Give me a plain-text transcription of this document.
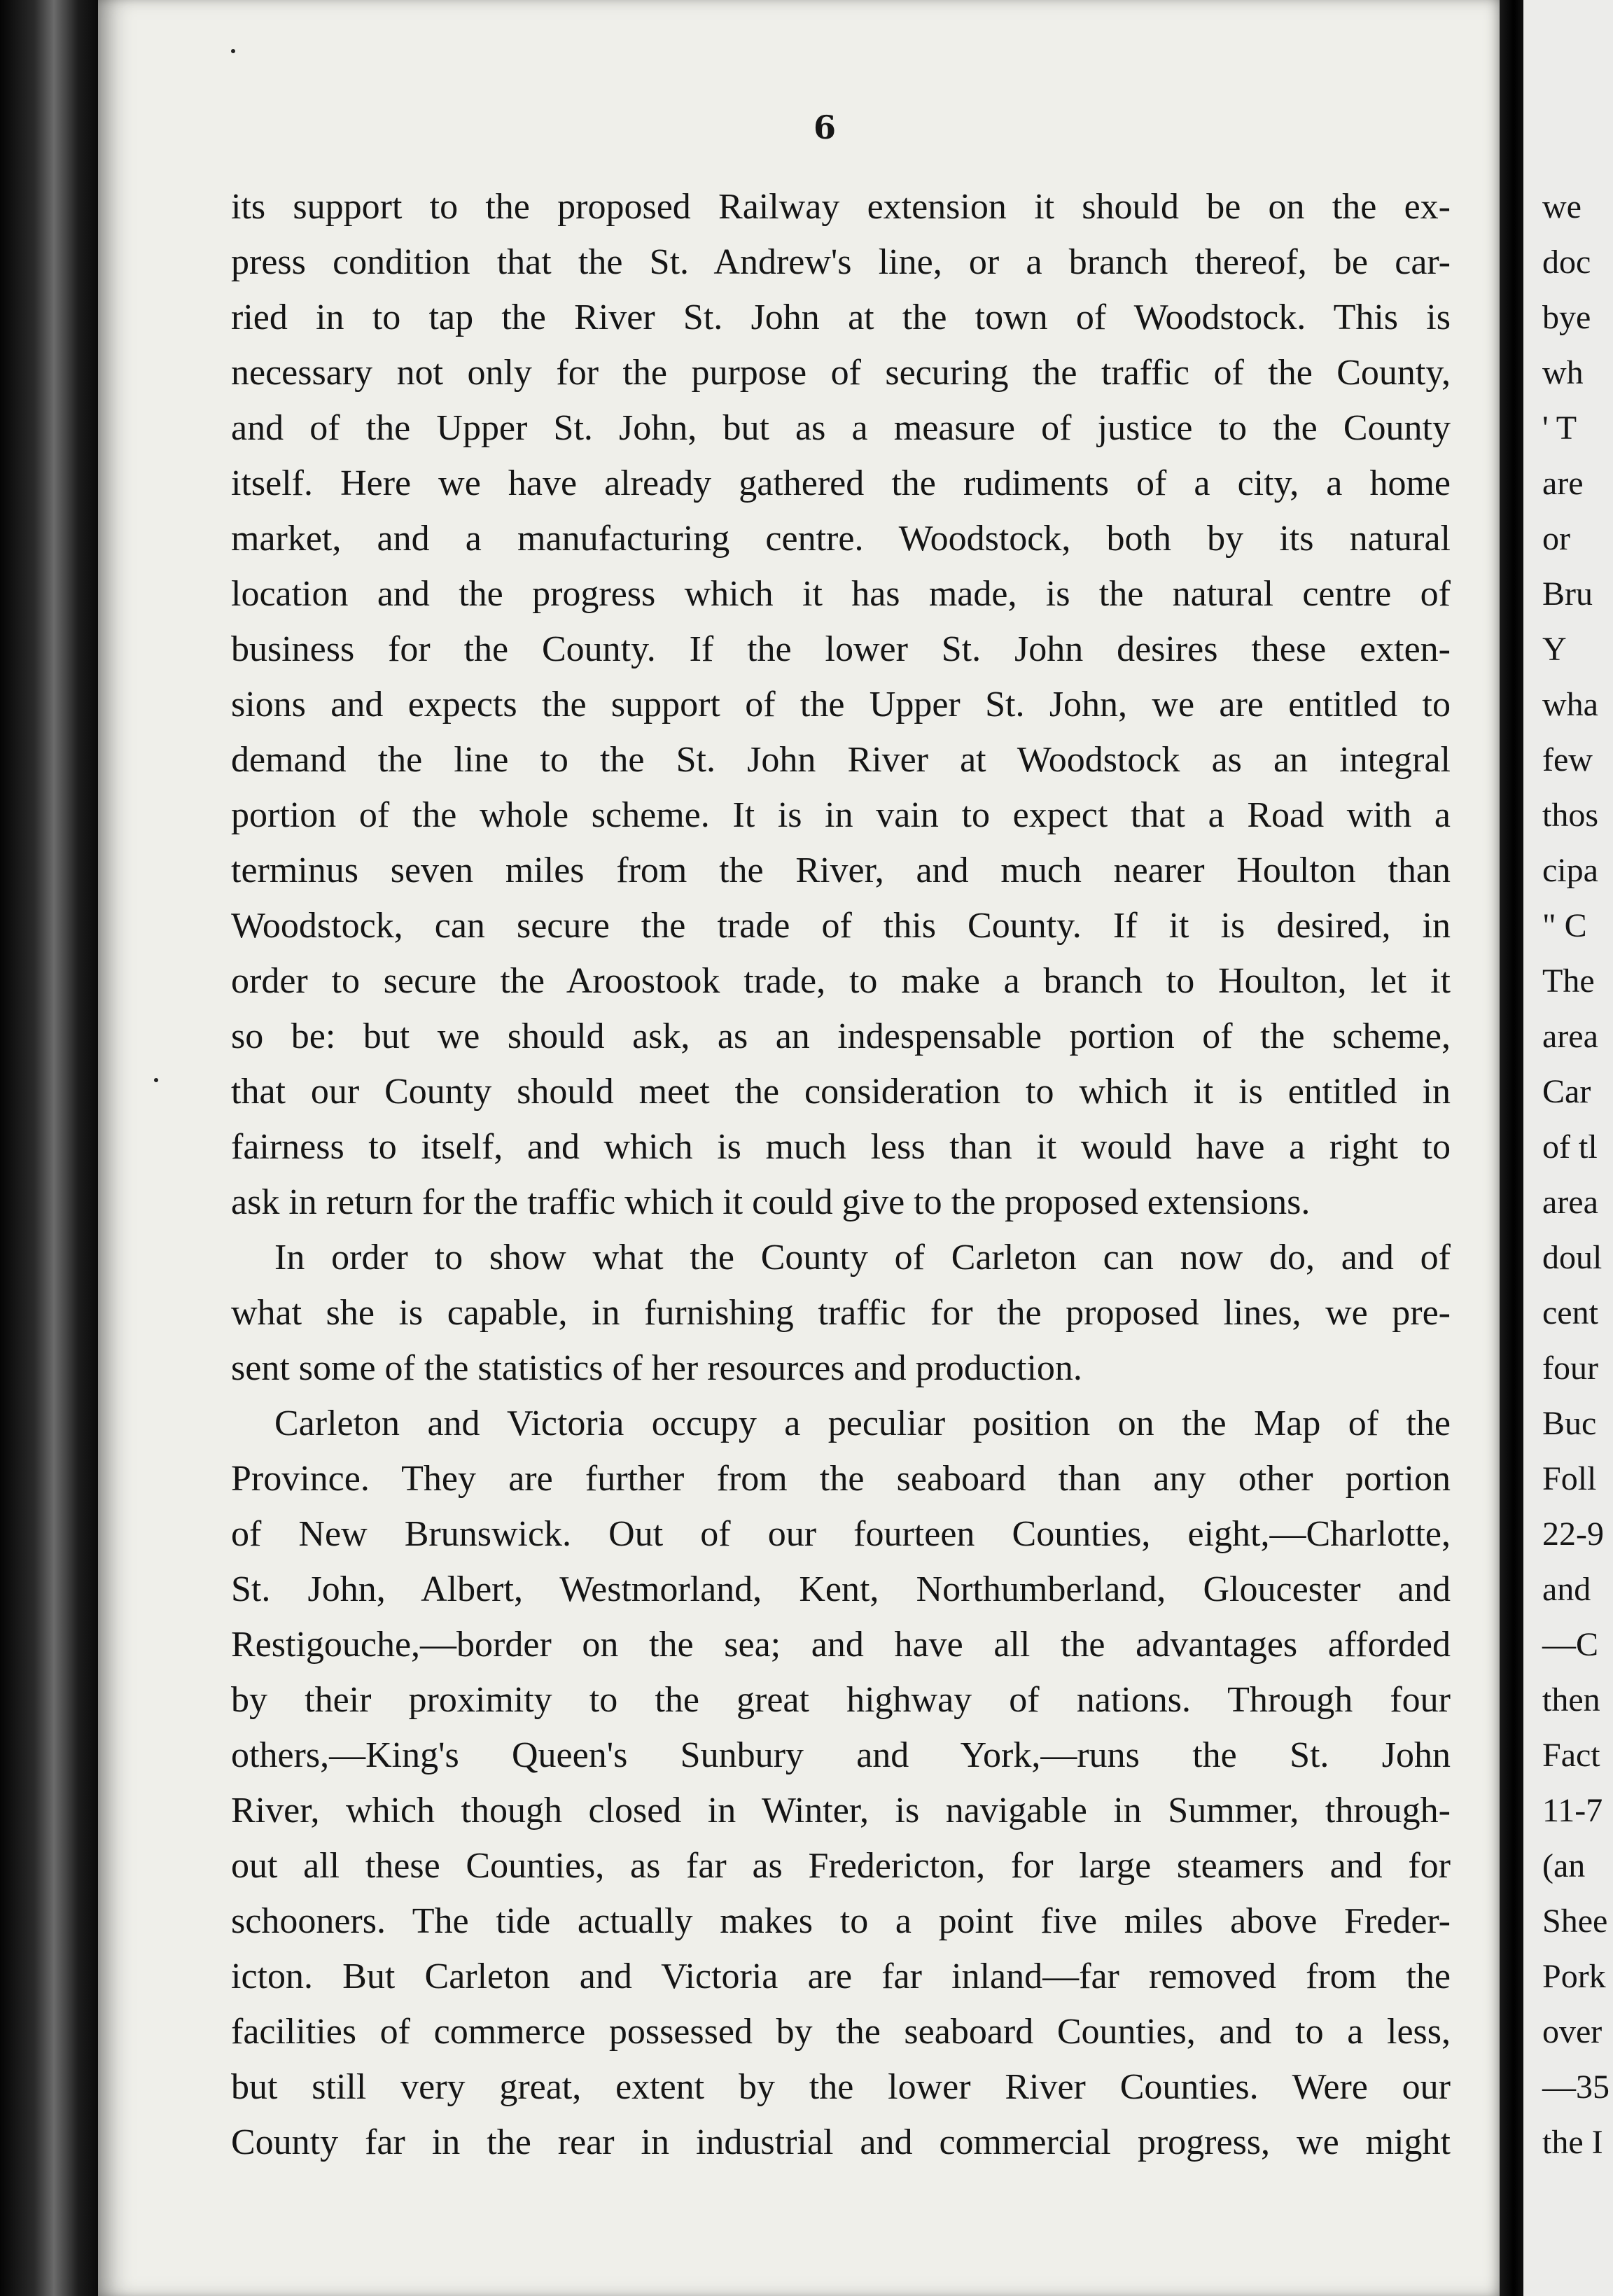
6
its support to the proposed Railway extension it should be on the ex-
press condition that the St. Andrew's line, or a branch thereof, be car-
ried in to tap the River St. John at the town of Woodstock. This is
necessary not only for the purpose of securing the traffic of the County,
and of the Upper St. John, but as a measure of justice to the County
itself. Here we have already gathered the rudiments of a city, a home
market, and a manufacturing centre. Woodstock, both by its natural
location and the progress which it has made, is the natural centre of
business for the County. If the lower St. John desires these exten-
sions and expects the support of the Upper St. John, we are entitled to
demand the line to the St. John River at Woodstock as an integral
portion of the whole scheme. It is in vain to expect that a Road with a
terminus seven miles from the River, and much nearer Houlton than
Woodstock, can secure the trade of this County. If it is desired, in
order to secure the Aroostook trade, to make a branch to Houlton, let it
so be: but we should ask, as an indespensable portion of the scheme,
that our County should meet the consideration to which it is entitled in
fairness to itself, and which is much less than it would have a right to
ask in return for the traffic which it could give to the proposed extensions.
In order to show what the County of Carleton can now do, and of
what she is capable, in furnishing traffic for the proposed lines, we pre-
sent some of the statistics of her resources and production.
Carleton and Victoria occupy a peculiar position on the Map of the
Province. They are further from the seaboard than any other portion
of New Brunswick. Out of our fourteen Counties, eight,—Charlotte,
St. John, Albert, Westmorland, Kent, Northumberland, Gloucester and
Restigouche,—border on the sea; and have all the advantages afforded
by their proximity to the great highway of nations. Through four
others,—King's Queen's Sunbury and York,—runs the St. John
River, which though closed in Winter, is navigable in Summer, through-
out all these Counties, as far as Fredericton, for large steamers and for
schooners. The tide actually makes to a point five miles above Freder-
icton. But Carleton and Victoria are far inland—far removed from the
facilities of commerce possessed by the seaboard Counties, and to a less,
but still very great, extent by the lower River Counties. Were our
County far in the rear in industrial and commercial progress, we might
we
doc
bye
wh
' T
are
or
Bru
Y
wha
few
thos
cipa
" C
The
area
Car
of tl
area
doul
cent
four
Buc
Foll
22-9
and
—C
then
Fact
11-7
(an
Shee
Pork
over
—35
the I
